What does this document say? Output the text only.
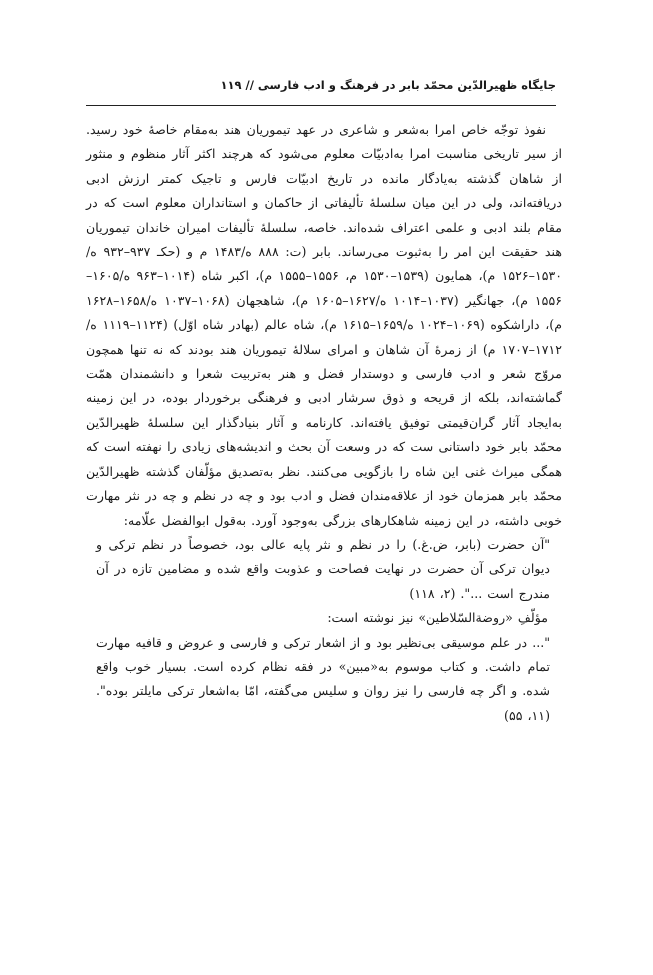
جایگاه ظهیرالدّین محمّد بابر در فرهنگ و ادب فارسی // ۱۱۹

نفوذ توجّه خاص امرا به‌شعر و شاعری در عهد تیموریان هند به‌مقام خاصهٔ خود رسید. از سیر تاریخی مناسبت امرا به‌ادبیّات معلوم می‌شود که هرچند اکثر آثار منظوم و منثور از شاهان گذشته به‌یادگار مانده در تاریخ ادبیّات فارس و تاجیک کمتر ارزش ادبی دریافته‌اند، ولی در این میان سلسلهٔ تألیفاتی از حاکمان و استانداران معلوم است که در مقام بلند ادبی و علمی اعتراف شده‌اند. خاصه، سلسلهٔ تألیفات امیران خاندان تیموریان هند حقیقت این امر را به‌ثبوت می‌رساند. بابر (ت: ۸۸۸ ه/۱۴۸۳ م و (حکـ ۹۳۷–۹۳۲ ه/۱۵۳۰–۱۵۲۶ م)، همایون (۱۵۳۹–۱۵۳۰ م، ۱۵۵۶–۱۵۵۵ م)، اکبر شاه (۱۰۱۴–۹۶۳ ه/۱۶۰۵–۱۵۵۶ م)، جهانگیر (۱۰۳۷–۱۰۱۴ ه/۱۶۲۷–۱۶۰۵ م)، شاهجهان (۱۰۶۸–۱۰۳۷ ه/۱۶۵۸–۱۶۲۸ م)، داراشکوه (۱۰۶۹–۱۰۲۴ ه/۱۶۵۹–۱۶۱۵ م)، شاه عالم (بهادر شاه اوّل) (۱۱۲۴–۱۱۱۹ ه/۱۷۱۲–۱۷۰۷ م) از زمرهٔ آن شاهان و امرای سلالهٔ تیموریان هند بودند که نه تنها همچون مروّج شعر و ادب فارسی و دوستدار فضل و هنر به‌تربیت شعرا و دانشمندان همّت گماشته‌اند، بلکه از قریحه و ذوق سرشار ادبی و فرهنگی برخوردار بوده، در این زمینه به‌ایجاد آثار گران‌قیمتی توفیق یافته‌اند. کارنامه و آثار بنیادگذار این سلسلهٔ ظهیرالدّین محمّد بابر خود داستانی ست که در وسعت آن بحث و اندیشه‌های زیادی را نهفته است که همگی میراث غنی این شاه را بازگویی می‌کنند. نظر به‌تصدیق مؤلّفان گذشته ظهیرالدّین محمّد بابر همزمان خود از علاقه‌مندان فضل و ادب بود و چه در نظم و چه در نثر مهارت خوبی داشته، در این زمینه شاهکارهای بزرگی به‌وجود آورد. به‌قول ابوالفضل علّامه:

"آن حضرت (بابر، ض.غ.) را در نظم و نثر پایه عالی بود، خصوصاً در نظم ترکی و دیوان ترکی آن حضرت در نهایت فصاحت و عذوبت واقع شده و مضامین تازه در آن مندرج است ...". (۲، ۱۱۸)

مؤلّفِ «روضةالسّلاطین» نیز نوشته است:

"... در علم موسیقی بی‌نظیر بود و از اشعار ترکی و فارسی و عروض و قافیه مهارت تمام داشت. و کتاب موسوم به«مبین» در فقه نظام کرده است. بسیار خوب واقع شده. و اگر چه فارسی را نیز روان و سلیس می‌گفته، امّا به‌اشعار ترکی مایلتر بوده". (۱۱، ۵۵)
